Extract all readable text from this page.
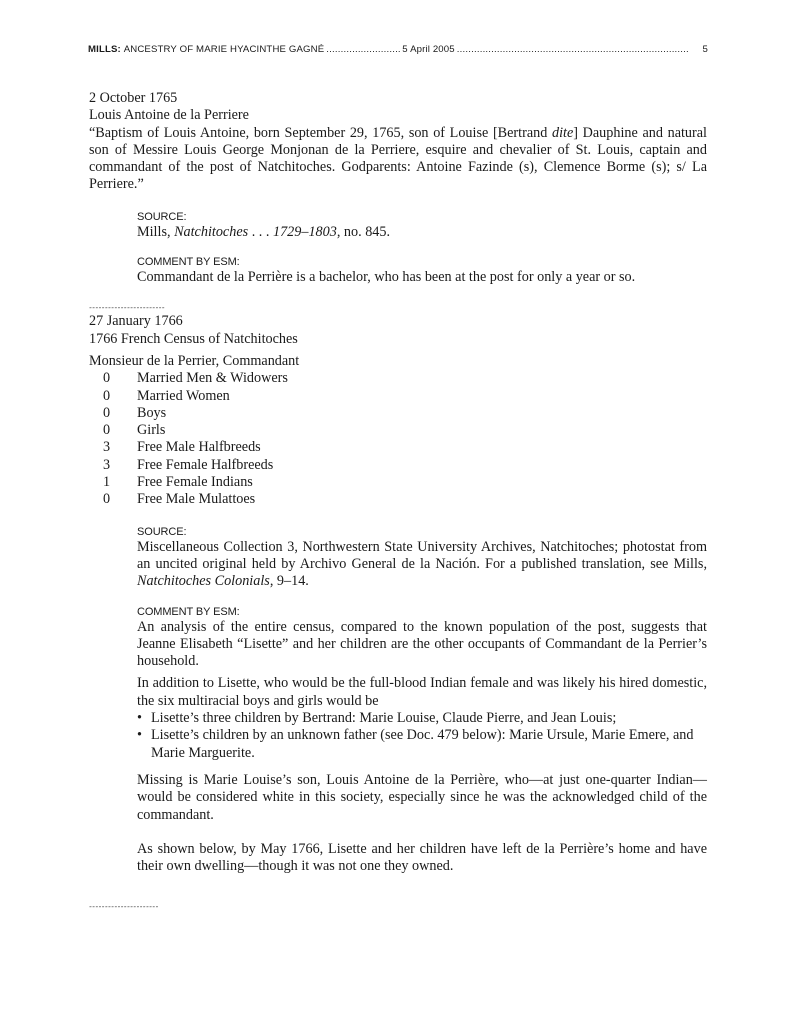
MILLS:
ANCESTRY OF MARIE HYACINTHE GAGNÉ .....	5 April 2005 .....	5
2 October 1765
Louis Antoine de la Perriere
“Baptism of Louis Antoine, born September 29, 1765, son of Louise [Bertrand dite] Dauphine and natural son of Messire Louis George Monjonan de la Perriere, esquire and chevalier of St. Louis, captain and commandant of the post of Natchitoches. Godparents: Antoine Fazinde (s), Clemence Borme (s); s/ La Perriere.”
SOURCE:
Mills, Natchitoches . . . 1729–1803, no. 845.
COMMENT BY ESM:
Commandant de la Perrière is a bachelor, who has been at the post for only a year or so.
------------------------
27 January 1766
1766 French Census of Natchitoches
Monsieur de la Perrier, Commandant
0	Married Men & Widowers
0	Married Women
0	Boys
0	Girls
3	Free Male Halfbreeds
3	Free Female Halfbreeds
1	Free Female Indians
0	Free Male Mulattoes
SOURCE:
Miscellaneous Collection 3, Northwestern State University Archives, Natchitoches; photostat from an uncited original held by Archivo General de la Nación. For a published translation, see Mills, Natchitoches Colonials, 9–14.
COMMENT BY ESM:
An analysis of the entire census, compared to the known population of the post, suggests that Jeanne Elisabeth “Lisette” and her children are the other occupants of Commandant de la Perrier’s household.
In addition to Lisette, who would be the full-blood Indian female and was likely his hired domestic, the six multiracial boys and girls would be
• Lisette’s three children by Bertrand: Marie Louise, Claude Pierre, and Jean Louis;
• Lisette’s children by an unknown father (see Doc. 479 below): Marie Ursule, Marie Emere, and Marie Marguerite.
Missing is Marie Louise’s son, Louis Antoine de la Perrière, who—at just one-quarter Indian—would be considered white in this society, especially since he was the acknowledged child of the commandant.
As shown below, by May 1766, Lisette and her children have left de la Perrière’s home and have their own dwelling—though it was not one they owned.
----------------------
